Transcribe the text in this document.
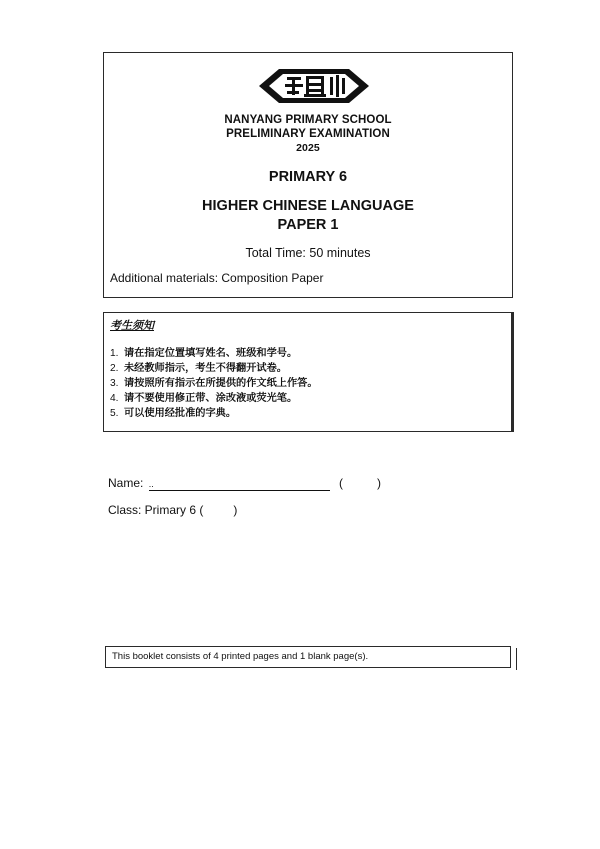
NANYANG PRIMARY SCHOOL
PRELIMINARY EXAMINATION
2025
PRIMARY 6
HIGHER CHINESE LANGUAGE
PAPER 1
Total Time: 50 minutes
Additional materials: Composition Paper
考生须知
1. 请在指定位置填写姓名、班级和学号。
2. 未经教师指示，考生不得翻开试卷。
3. 请按照所有指示在所提供的作文纸上作答。
4. 请不要使用修正带、涂改液或荧光笔。
5. 可以使用经批准的字典。
Name: ..	(	)
Class: Primary 6 (	)
This booklet consists of 4 printed pages and 1 blank page(s).
